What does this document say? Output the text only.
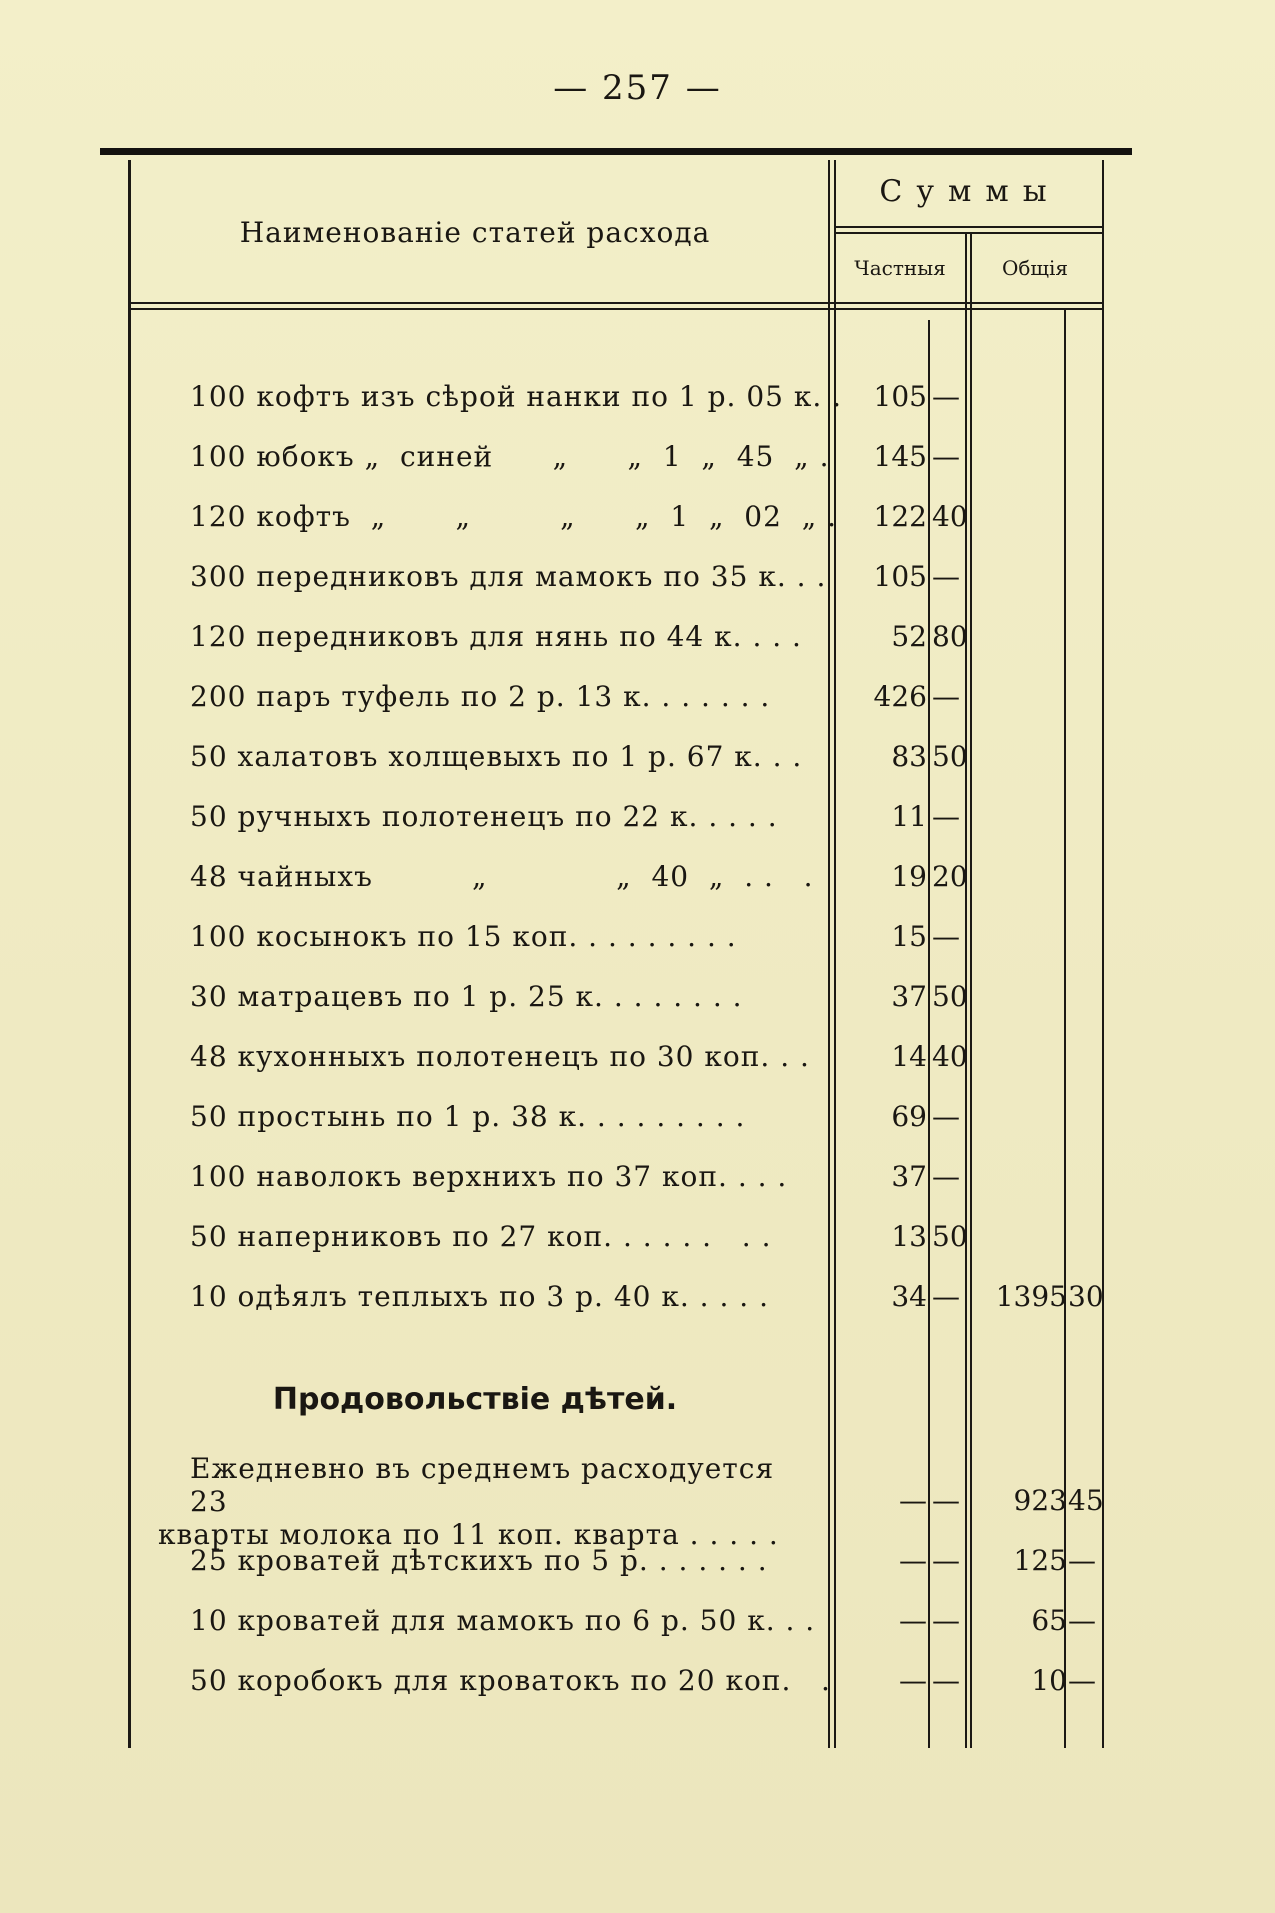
— 257 —
Наименованіе статей расхода
Суммы
Частныя	Общія
100 кофтъ изъ сѣрой нанки по 1 р. 05 к. .	105 —
100 юбокъ „  синей      „      „  1  „  45  „ .	145 —
120 кофтъ  „       „         „      „  1  „  02  „ .	122 40
300 передниковъ для мамокъ по 35 к. . .	105 —
120 передниковъ для нянь по 44 к. . . .	52 80
200 паръ туфель по 2 р. 13 к. . . . . . .	426 —
50 халатовъ холщевыхъ по 1 р. 67 к. . .	83 50
50 ручныхъ полотенецъ по 22 к. . . . .	11 —
48 чайныхъ          „             „  40  „  . .   .	19 20
100 косынокъ по 15 коп. . . . . . . . .	15 —
30 матрацевъ по 1 р. 25 к. . . . . . . .	37 50
48 кухонныхъ полотенецъ по 30 коп. . .	14 40
50 простынь по 1 р. 38 к. . . . . . . . .	69 —
100 наволокъ верхнихъ по 37 коп. . . .	37 —
50 наперниковъ по 27 коп. . . . . .   . .	13 50
10 одѣялъ теплыхъ по 3 р. 40 к. . . . .	34 —	1395 30
Продовольствіе дѣтей.
Ежедневно въ среднемъ расходуется 23
кварты молока по 11 коп. кварта . . . . .
— —	923 45
25 кроватей дѣтскихъ по 5 р. . . . . . .	— —	125 —
10 кроватей для мамокъ по 6 р. 50 к. . .	— —	65 —
50 коробокъ для кроватокъ по 20 коп.   .	— —	10 —
